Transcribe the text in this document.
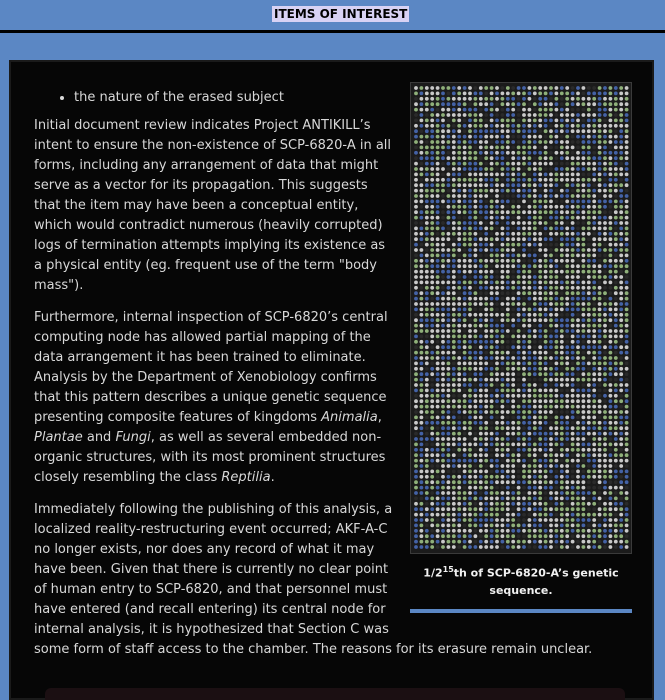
ITEMS OF INTEREST
$1/2^{15}th$ of SCP-6820-A’s genetic sequence.
• the nature of the erased subject

Initial document review indicates Project ANTIKILL’s intent to ensure the non-existence of SCP-6820-A in all forms, including any arrangement of data that might serve as a vector for its propagation. This suggests that the item may have been a conceptual entity, which would contradict numerous (heavily corrupted) logs of termination attempts implying its existence as a physical entity (eg. frequent use of the term "body mass").

Furthermore, internal inspection of SCP-6820’s central computing node has allowed partial mapping of the data arrangement it has been trained to eliminate. Analysis by the Department of Xenobiology confirms that this pattern describes a unique genetic sequence presenting composite features of kingdoms Animalia, Plantae and Fungi, as well as several embedded non-organic structures, with its most prominent structures closely resembling the class Reptilia.

Immediately following the publishing of this analysis, a localized reality-restructuring event occurred; AKF-A-C no longer exists, nor does any record of what it may have been. Given that there is currently no clear point of human entry to SCP-6820, and that personnel must have entered (and recall entering) its central node for internal analysis, it is hypothesized that Section C was some form of staff access to the chamber. The reasons for its erasure remain unclear.
